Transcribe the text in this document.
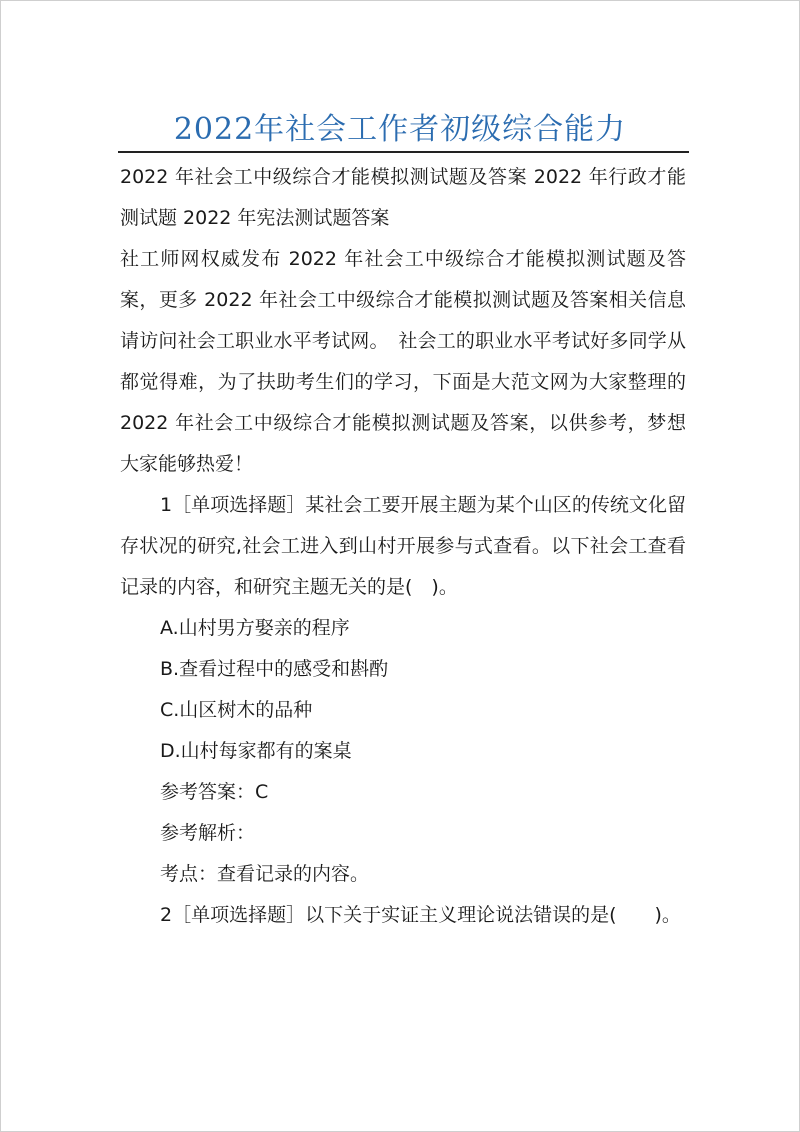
2022年社会工作者初级综合能力

2022 年社会工中级综合才能模拟测试题及答案 2022 年行政才能测试题 2022 年宪法测试题答案

社工师网权威发布 2022 年社会工中级综合才能模拟测试题及答案，更多 2022 年社会工中级综合才能模拟测试题及答案相关信息请访问社会工职业水平考试网。　社会工的职业水平考试好多同学从都觉得难，为了扶助考生们的学习，下面是大范文网为大家整理的 2022 年社会工中级综合才能模拟测试题及答案，以供参考，梦想大家能够热爱！

1［单项选择题］某社会工要开展主题为某个山区的传统文化留存状况的研究,社会工进入到山村开展参与式查看。以下社会工查看记录的内容，和研究主题无关的是(　)。

A.山村男方娶亲的程序

B.查看过程中的感受和斟酌

C.山区树木的品种

D.山村每家都有的案桌

参考答案：C

参考解析：

考点：查看记录的内容。

2［单项选择题］以下关于实证主义理论说法错误的是(　　)。
